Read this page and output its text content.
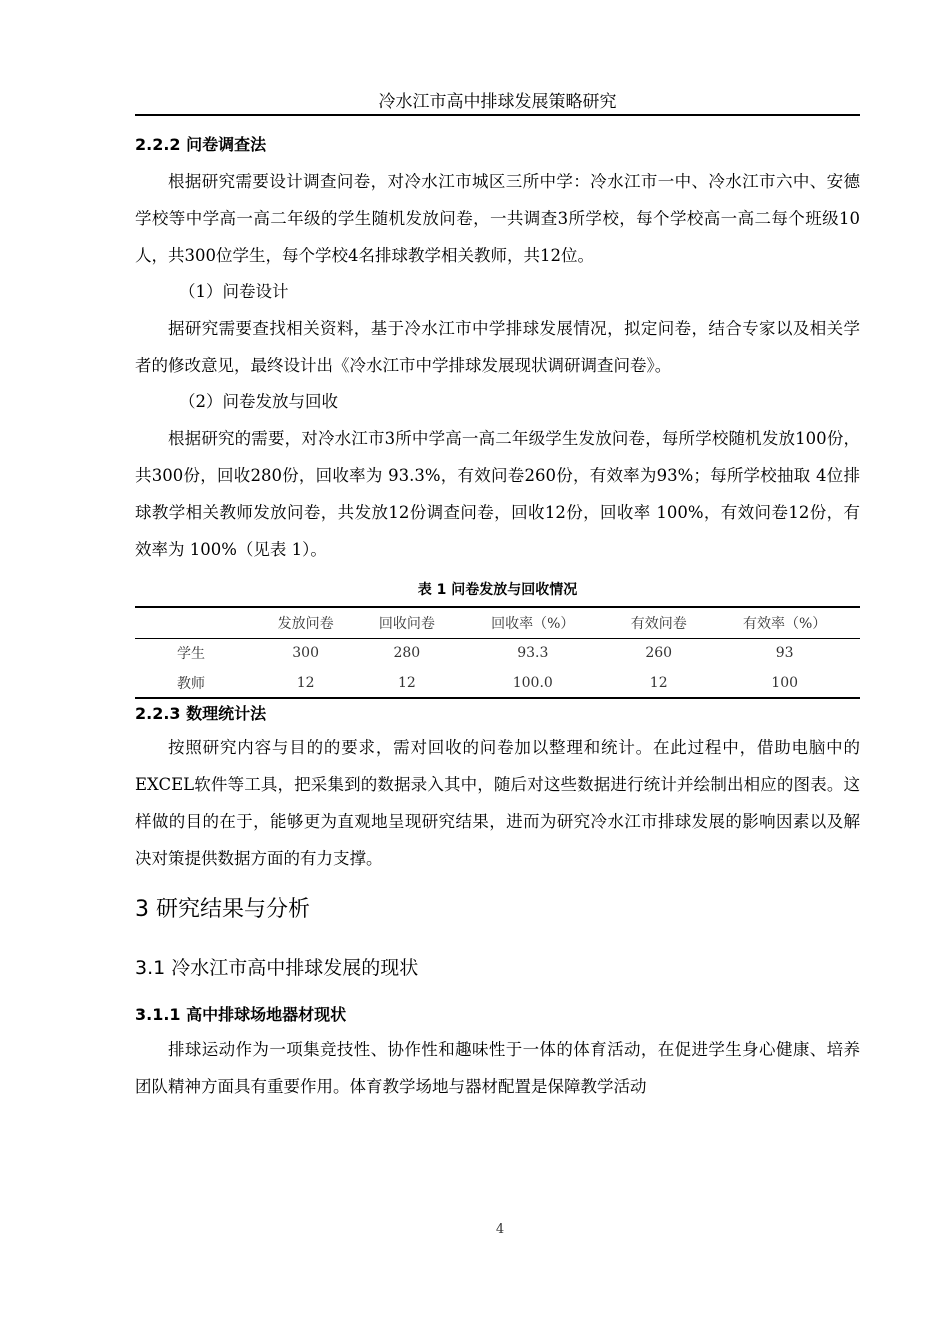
冷水江市高中排球发展策略研究

2.2.2 问卷调查法

根据研究需要设计调查问卷，对冷水江市城区三所中学：冷水江市一中、冷水江市六中、安德学校等中学高一高二年级的学生随机发放问卷，一共调查3所学校，每个学校高一高二每个班级10人，共300位学生，每个学校4名排球教学相关教师，共12位。

（1）问卷设计

据研究需要查找相关资料，基于冷水江市中学排球发展情况，拟定问卷，结合专家以及相关学者的修改意见，最终设计出《冷水江市中学排球发展现状调研调查问卷》。

（2）问卷发放与回收

根据研究的需要，对冷水江市3所中学高一高二年级学生发放问卷，每所学校随机发放100份，共300份，回收280份，回收率为 93.3%，有效问卷260份，有效率为93%；每所学校抽取 4位排球教学相关教师发放问卷，共发放12份调查问卷，回收12份，回收率 100%，有效问卷12份，有效率为 100%（见表 1）。

表 1 问卷发放与回收情况

	发放问卷	回收问卷	回收率（%）	有效问卷	有效率（%）
学生	300	280	93.3	260	93
教师	12	12	100.0	12	100

2.2.3 数理统计法

按照研究内容与目的的要求，需对回收的问卷加以整理和统计。在此过程中，借助电脑中的EXCEL软件等工具，把采集到的数据录入其中，随后对这些数据进行统计并绘制出相应的图表。这样做的目的在于，能够更为直观地呈现研究结果，进而为研究冷水江市排球发展的影响因素以及解决对策提供数据方面的有力支撑。

3 研究结果与分析

3.1 冷水江市高中排球发展的现状

3.1.1 高中排球场地器材现状

排球运动作为一项集竞技性、协作性和趣味性于一体的体育活动，在促进学生身心健康、培养团队精神方面具有重要作用。体育教学场地与器材配置是保障教学活动

4
